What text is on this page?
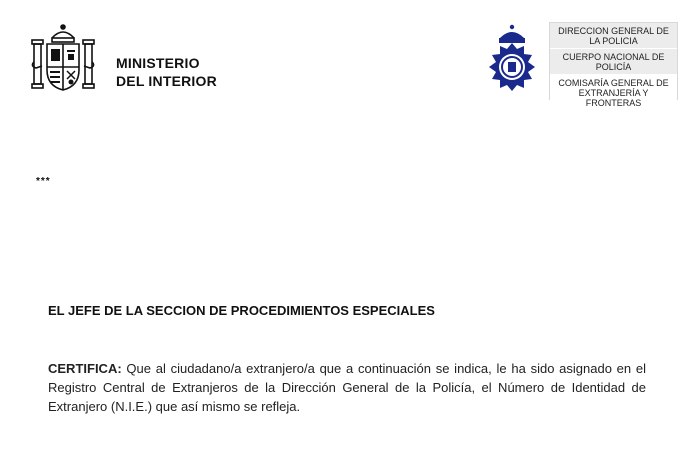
MINISTERIO
DEL INTERIOR
DIRECCION GENERAL DE LA POLICIA
CUERPO NACIONAL DE POLICÍA
COMISARÍA GENERAL DE EXTRANJERÍA Y FRONTERAS
***
EL JEFE DE LA SECCION DE PROCEDIMIENTOS ESPECIALES
CERTIFICA: Que al ciudadano/a extranjero/a que a continuación se indica, le ha sido asignado en el Registro Central de Extranjeros de la Dirección General de la Policía, el Número de Identidad de Extranjero (N.I.E.) que así mismo se refleja.
